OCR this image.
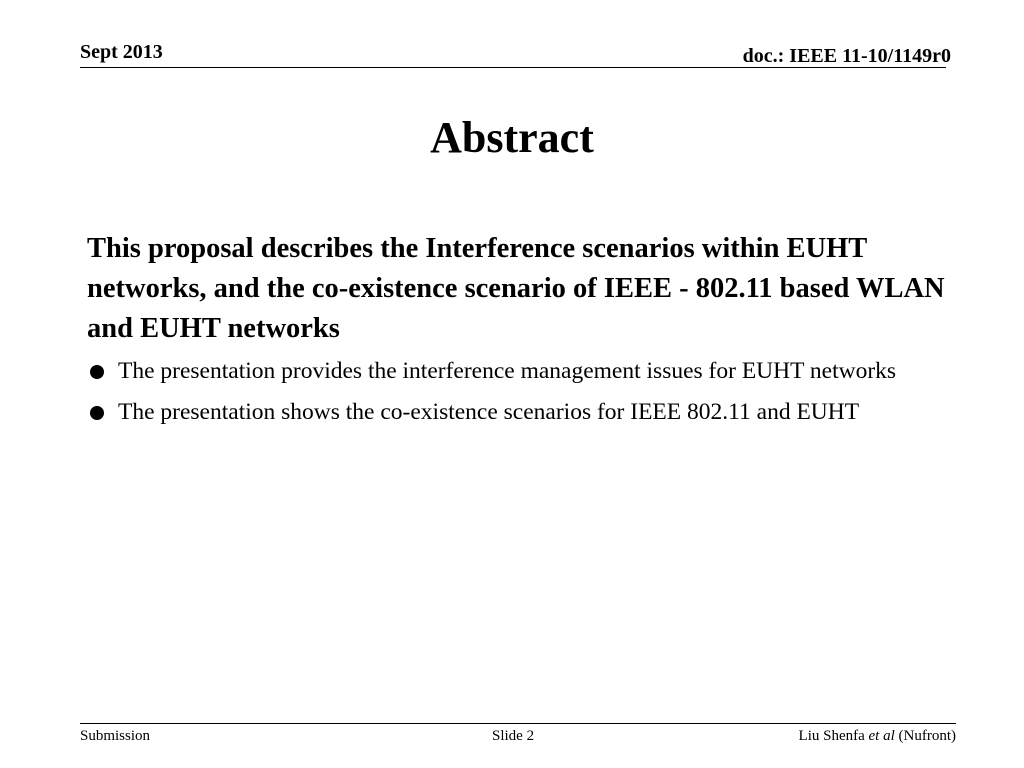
Sept 2013	doc.: IEEE 11-10/1149r0
Abstract
This proposal describes the Interference scenarios within EUHT networks, and the co-existence scenario of IEEE - 802.11 based WLAN and EUHT networks
The presentation provides the interference management issues for EUHT networks
The presentation shows the co-existence scenarios for IEEE 802.11 and EUHT
Submission	Slide 2	Liu Shenfa et al (Nufront)
